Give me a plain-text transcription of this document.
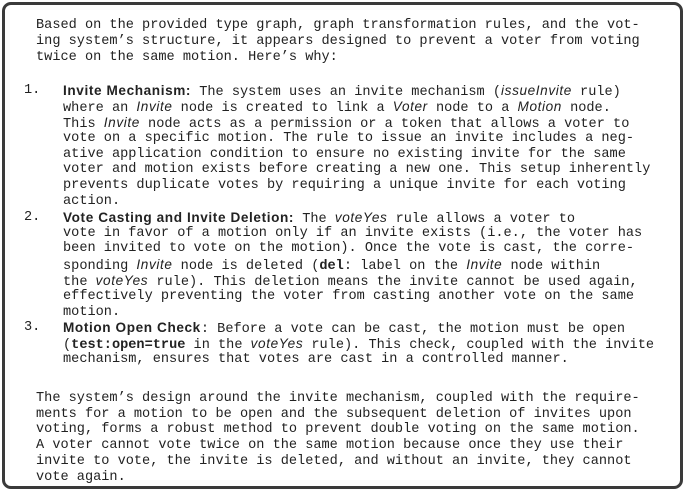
Based on the provided type graph, graph transformation rules, and the vot-
ing system’s structure, it appears designed to prevent a voter from voting
twice on the same motion. Here’s why:
1. Invite Mechanism: The system uses an invite mechanism (issueInvite rule)
where an Invite node is created to link a Voter node to a Motion node.
This Invite node acts as a permission or a token that allows a voter to
vote on a specific motion. The rule to issue an invite includes a neg-
ative application condition to ensure no existing invite for the same
voter and motion exists before creating a new one. This setup inherently
prevents duplicate votes by requiring a unique invite for each voting
action.
2. Vote Casting and Invite Deletion: The voteYes rule allows a voter to
vote in favor of a motion only if an invite exists (i.e., the voter has
been invited to vote on the motion). Once the vote is cast, the corre-
sponding Invite node is deleted (del: label on the Invite node within
the voteYes rule). This deletion means the invite cannot be used again,
effectively preventing the voter from casting another vote on the same
motion.
3. Motion Open Check: Before a vote can be cast, the motion must be open
(test:open=true in the voteYes rule). This check, coupled with the invite
mechanism, ensures that votes are cast in a controlled manner.
The system’s design around the invite mechanism, coupled with the require-
ments for a motion to be open and the subsequent deletion of invites upon
voting, forms a robust method to prevent double voting on the same motion.
A voter cannot vote twice on the same motion because once they use their
invite to vote, the invite is deleted, and without an invite, they cannot
vote again.
